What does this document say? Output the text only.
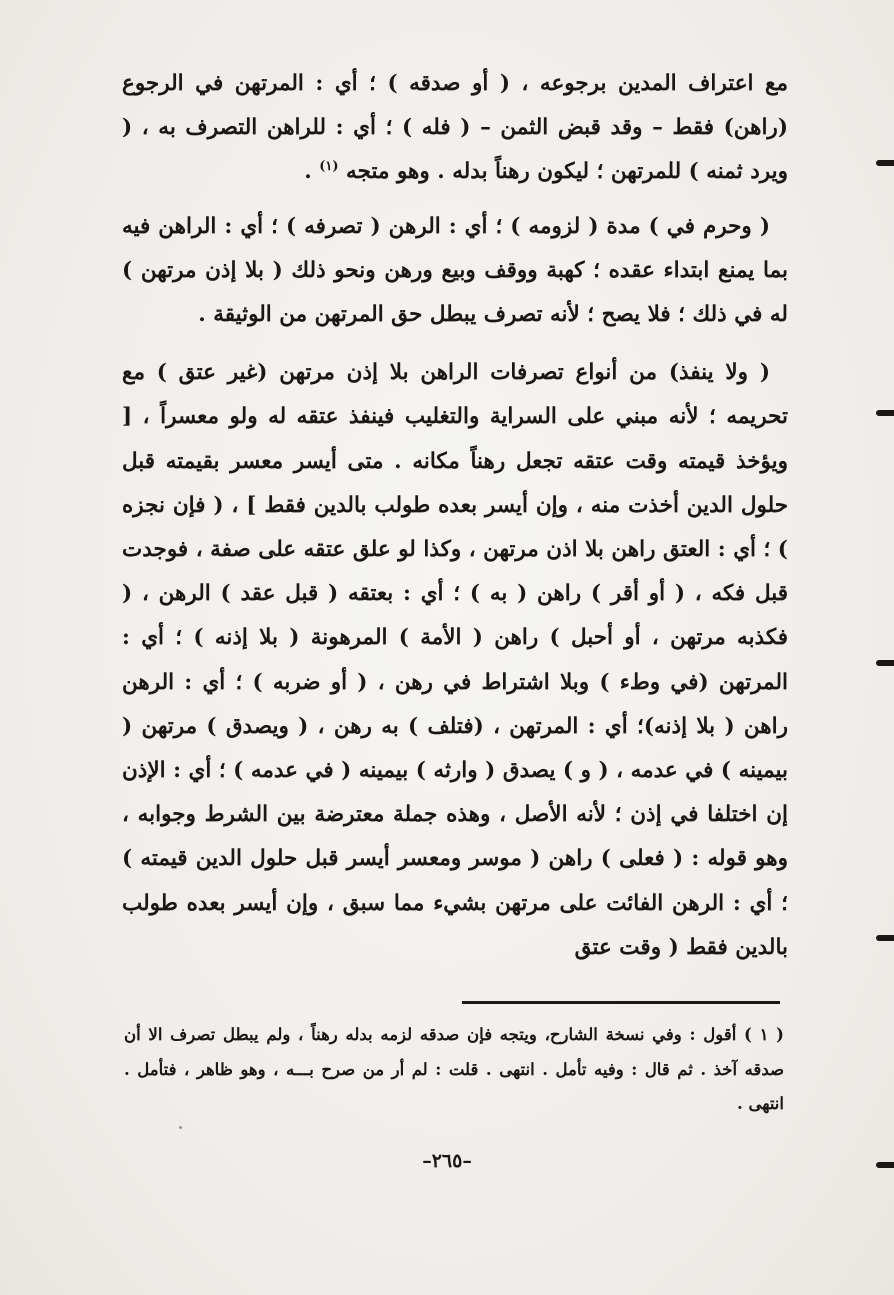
مع اعتراف المدين برجوعه ، ( أو صدقه ) ؛ أي : المرتهن في الرجوع (راهن) فقط – وقد قبض الثمن – ( فله ) ؛ أي : للراهن التصرف به ، ( ويرد ثمنه ) للمرتهن ؛ ليكون رهناً بدله . وهو متجه $^{(١)}$ .

( وحرم في ) مدة ( لزومه ) ؛ أي : الرهن ( تصرفه ) ؛ أي : الراهن فيه بما يمنع ابتداء عقده ؛ كهبة ووقف وبيع ورهن ونحو ذلك ( بلا إذن مرتهن ) له في ذلك ؛ فلا يصح ؛ لأنه تصرف يبطل حق المرتهن من الوثيقة .

( ولا ينفذ) من أنواع تصرفات الراهن بلا إذن مرتهن (غير عتق ) مع تحريمه ؛ لأنه مبني على السراية والتغليب فينفذ عتقه له ولو معسراً ، [ ويؤخذ قيمته وقت عتقه تجعل رهناً مكانه . متى أيسر معسر بقيمته قبل حلول الدين أخذت منه ، وإن أيسر بعده طولب بالدين فقط ] ، ( فإن نجزه ) ؛ أي : العتق راهن بلا اذن مرتهن ، وكذا لو علق عتقه على صفة ، فوجدت قبل فكه ، ( أو أقر ) راهن ( به ) ؛ أي : بعتقه ( قبل عقد ) الرهن ، ( فكذبه مرتهن ، أو أحبل ) راهن ( الأمة ) المرهونة ( بلا إذنه ) ؛ أي : المرتهن (في وطء ) وبلا اشتراط في رهن ، ( أو ضربه ) ؛ أي : الرهن راهن ( بلا إذنه)؛ أي : المرتهن ، (فتلف ) به رهن ، ( ويصدق ) مرتهن ( بيمينه ) في عدمه ، ( و ) يصدق ( وارثه ) بيمينه ( في عدمه ) ؛ أي : الإذن إن اختلفا في إذن ؛ لأنه الأصل ، وهذه جملة معترضة بين الشرط وجوابه ، وهو قوله : ( فعلى ) راهن ( موسر ومعسر أيسر قبل حلول الدين قيمته ) ؛ أي : الرهن الفائت على مرتهن بشيء مما سبق ، وإن أيسر بعده طولب بالدين فقط ( وقت عتق

( ١ ) أقول : وفي نسخة الشارح، ويتجه فإن صدقه لزمه بدله رهناً ، ولم يبطل تصرف الا أن صدقه آخذ . ثم قال : وفيه تأمل . انتهى . قلت : لم أر من صرح بـــه ، وهو ظاهر ، فتأمل . انتهى .
–٢٦٥–
